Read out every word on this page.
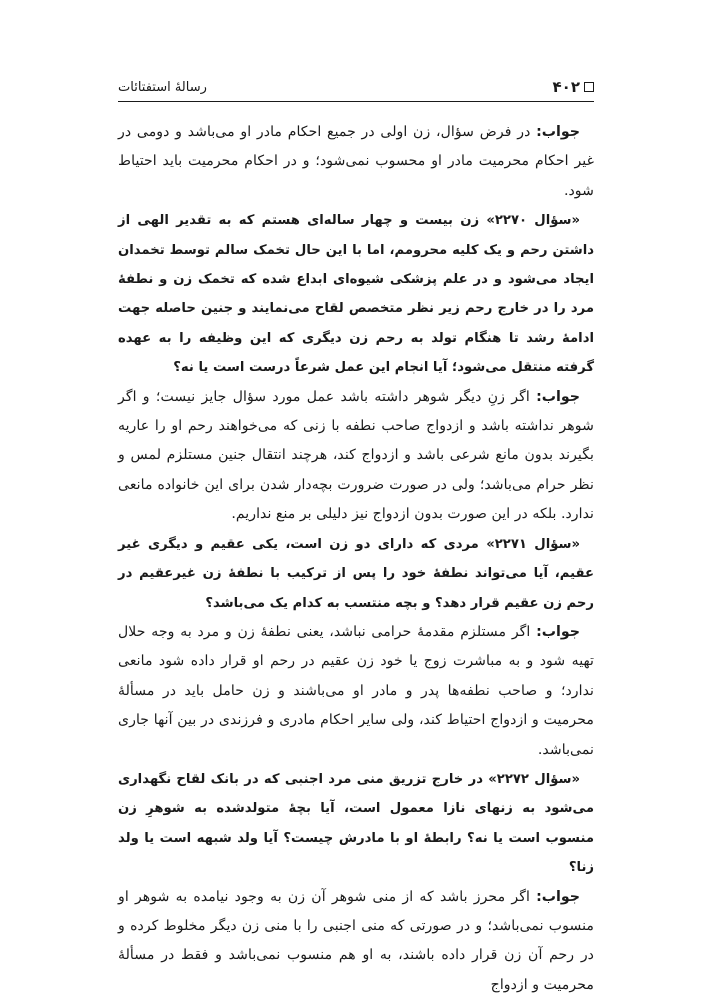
۴۰۲
رسالهٔ استفتائات

جواب: در فرض سؤال، زن اولی در جمیع احکام مادر او می‌باشد و دومی در غیر احکام محرمیت مادر او محسوب نمی‌شود؛ و در احکام محرمیت باید احتیاط شود.

«سؤال ۲۲۷۰» زن بیست و چهار ساله‌ای هستم که به تقدیر الهی از داشتن رحم و یک کلیه محرومم، اما با این حال تخمک سالم توسط تخمدان ایجاد می‌شود و در علم پزشکی شیوه‌ای ابداع شده که تخمک زن و نطفهٔ مرد را در خارج رحم زیر نظر متخصص لقاح می‌نمایند و جنین حاصله جهت ادامهٔ رشد تا هنگام تولد به رحم زن دیگری که این وظیفه را به عهده گرفته منتقل می‌شود؛ آیا انجام این عمل شرعاً درست است یا نه؟

جواب: اگر زنِ دیگر شوهر داشته باشد عمل مورد سؤال جایز نیست؛ و اگر شوهر نداشته باشد و ازدواج صاحب نطفه با زنی که می‌خواهند رحم او را عاریه بگیرند بدون مانع شرعی باشد و ازدواج کند، هرچند انتقال جنین مستلزم لمس و نظر حرام می‌باشد؛ ولی در صورت ضرورت بچه‌دار شدن برای این خانواده مانعی ندارد. بلکه در این صورت بدون ازدواج نیز دلیلی بر منع نداریم.

«سؤال ۲۲۷۱» مردی که دارای دو زن است، یکی عقیم و دیگری غیر عقیم، آیا می‌تواند نطفهٔ خود را پس از ترکیب با نطفهٔ زن غیرعقیم در رحم زن عقیم قرار دهد؟ و بچه منتسب به کدام یک می‌باشد؟

جواب: اگر مستلزم مقدمهٔ حرامی نباشد، یعنی نطفهٔ زن و مرد به وجه حلال تهیه شود و به مباشرت زوج یا خود زن عقیم در رحم او قرار داده شود مانعی ندارد؛ و صاحب نطفه‌ها پدر و مادر او می‌باشند و زن حامل باید در مسألهٔ محرمیت و ازدواج احتیاط کند، ولی سایر احکام مادری و فرزندی در بین آنها جاری نمی‌باشد.

«سؤال ۲۲۷۲» در خارج تزریق منی مرد اجنبی که در بانک لقاح نگهداری می‌شود به زنهای نازا معمول است، آیا بچهٔ متولدشده به شوهرِ زن منسوب است یا نه؟ رابطهٔ او با مادرش چیست؟ آیا ولد شبهه است یا ولد زنا؟

جواب: اگر محرز باشد که از منی شوهر آن زن به وجود نیامده به شوهر او منسوب نمی‌باشد؛ و در صورتی که منی اجنبی را با منی زن دیگر مخلوط کرده و در رحم آن زن قرار داده باشند، به او هم منسوب نمی‌باشد و فقط در مسألهٔ محرمیت و ازدواج
